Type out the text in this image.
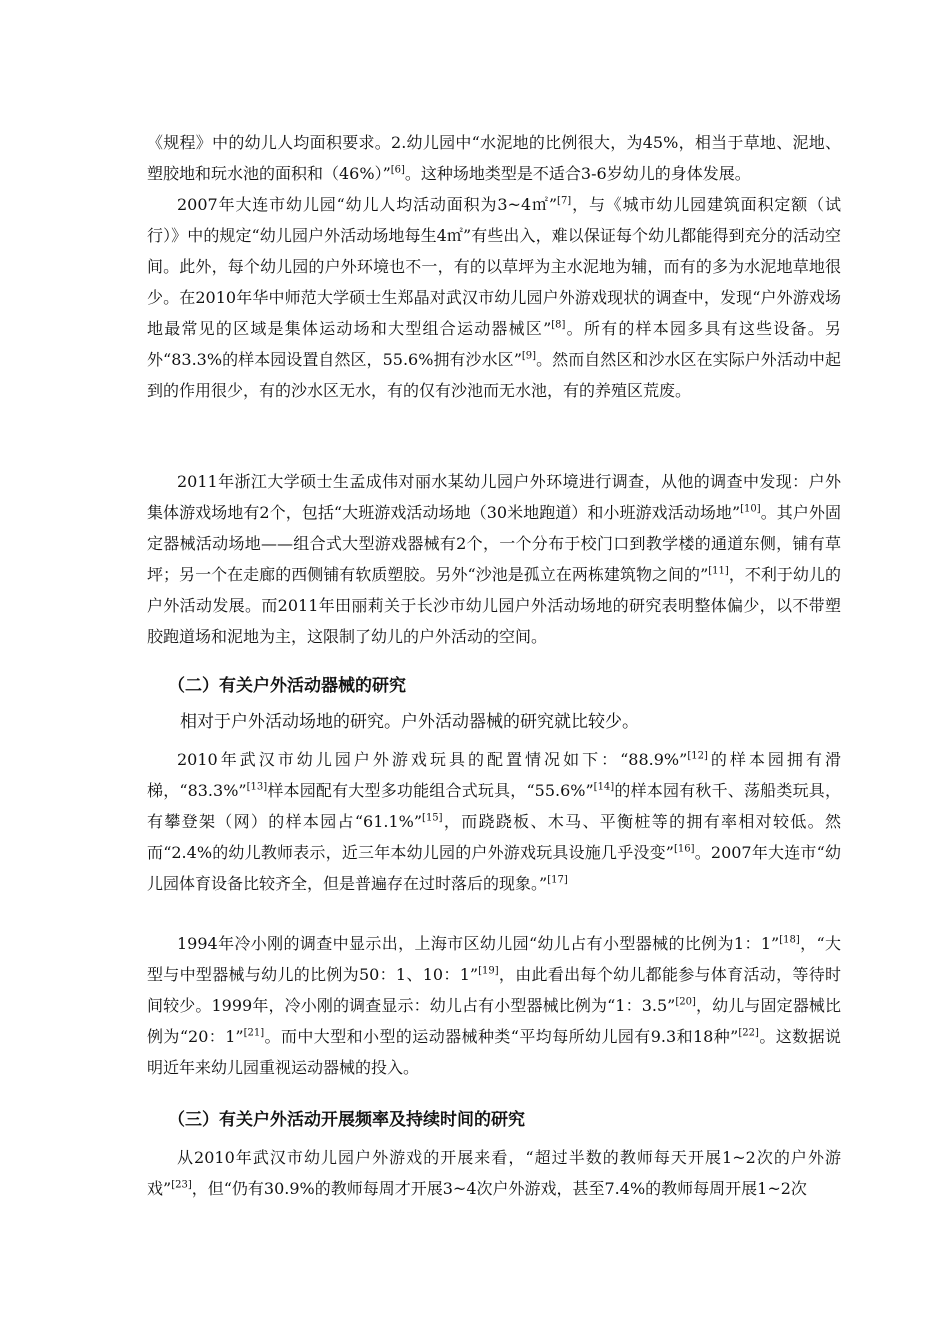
《规程》中的幼儿人均面积要求。2.幼儿园中“水泥地的比例很大，为45%，相当于草地、泥地、塑胶地和玩水池的面积和（46%）”[6]。这种场地类型是不适合3-6岁幼儿的身体发展。

2007年大连市幼儿园“幼儿人均活动面积为3~4㎡”[7]，与《城市幼儿园建筑面积定额（试行）》中的规定“幼儿园户外活动场地每生4㎡”有些出入，难以保证每个幼儿都能得到充分的活动空间。此外，每个幼儿园的户外环境也不一，有的以草坪为主水泥地为辅，而有的多为水泥地草地很少。在2010年华中师范大学硕士生郑晶对武汉市幼儿园户外游戏现状的调查中，发现“户外游戏场地最常见的区域是集体运动场和大型组合运动器械区”[8]。所有的样本园多具有这些设备。另外“83.3%的样本园设置自然区，55.6%拥有沙水区”[9]。然而自然区和沙水区在实际户外活动中起到的作用很少，有的沙水区无水，有的仅有沙池而无水池，有的养殖区荒废。

2011年浙江大学硕士生孟成伟对丽水某幼儿园户外环境进行调查，从他的调查中发现：户外集体游戏场地有2个，包括“大班游戏活动场地（30米地跑道）和小班游戏活动场地”[10]。其户外固定器械活动场地——组合式大型游戏器械有2个，一个分布于校门口到教学楼的通道东侧，铺有草坪；另一个在走廊的西侧铺有软质塑胶。另外“沙池是孤立在两栋建筑物之间的”[11]，不利于幼儿的户外活动发展。而2011年田丽莉关于长沙市幼儿园户外活动场地的研究表明整体偏少，以不带塑胶跑道场和泥地为主，这限制了幼儿的户外活动的空间。

（二）有关户外活动器械的研究

相对于户外活动场地的研究。户外活动器械的研究就比较少。

2010年武汉市幼儿园户外游戏玩具的配置情况如下：“88.9%”[12]的样本园拥有滑梯，“83.3%”[13]样本园配有大型多功能组合式玩具，“55.6%”[14]的样本园有秋千、荡船类玩具，有攀登架（网）的样本园占“61.1%”[15]，而跷跷板、木马、平衡桩等的拥有率相对较低。然而“2.4%的幼儿教师表示，近三年本幼儿园的户外游戏玩具设施几乎没变”[16]。2007年大连市“幼儿园体育设备比较齐全，但是普遍存在过时落后的现象。”[17]

1994年冷小刚的调查中显示出，上海市区幼儿园“幼儿占有小型器械的比例为1：1”[18]，“大型与中型器械与幼儿的比例为50：1、10：1”[19]，由此看出每个幼儿都能参与体育活动，等待时间较少。1999年，冷小刚的调查显示：幼儿占有小型器械比例为“1：3.5”[20]，幼儿与固定器械比例为“20：1”[21]。而中大型和小型的运动器械种类“平均每所幼儿园有9.3和18种”[22]。这数据说明近年来幼儿园重视运动器械的投入。

（三）有关户外活动开展频率及持续时间的研究

从2010年武汉市幼儿园户外游戏的开展来看，“超过半数的教师每天开展1~2次的户外游戏”[23]，但“仍有30.9%的教师每周才开展3~4次户外游戏，甚至7.4%的教师每周开展1~2次
